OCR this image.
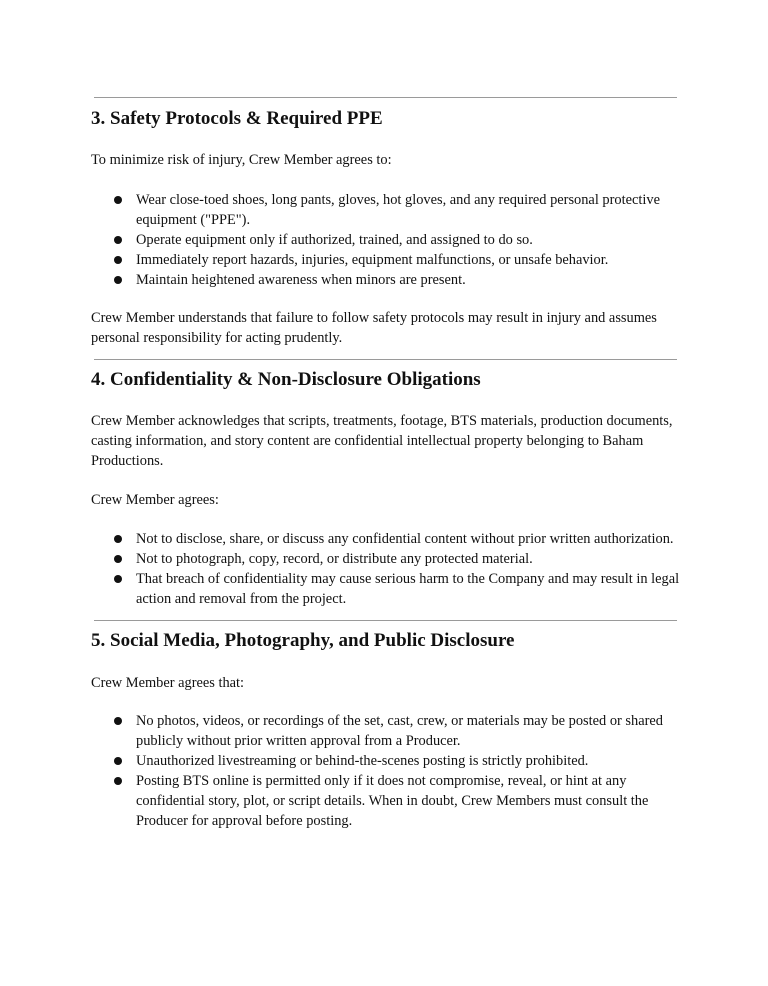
3. Safety Protocols & Required PPE

To minimize risk of injury, Crew Member agrees to:

Wear close-toed shoes, long pants, gloves, hot gloves, and any required personal protective equipment ("PPE").
Operate equipment only if authorized, trained, and assigned to do so.
Immediately report hazards, injuries, equipment malfunctions, or unsafe behavior.
Maintain heightened awareness when minors are present.

Crew Member understands that failure to follow safety protocols may result in injury and assumes personal responsibility for acting prudently.

4. Confidentiality & Non-Disclosure Obligations

Crew Member acknowledges that scripts, treatments, footage, BTS materials, production documents, casting information, and story content are confidential intellectual property belonging to Baham Productions.

Crew Member agrees:

Not to disclose, share, or discuss any confidential content without prior written authorization.
Not to photograph, copy, record, or distribute any protected material.
That breach of confidentiality may cause serious harm to the Company and may result in legal action and removal from the project.
5. Social Media, Photography, and Public Disclosure

Crew Member agrees that:

No photos, videos, or recordings of the set, cast, crew, or materials may be posted or shared publicly without prior written approval from a Producer.
Unauthorized livestreaming or behind-the-scenes posting is strictly prohibited.
Posting BTS online is permitted only if it does not compromise, reveal, or hint at any confidential story, plot, or script details. When in doubt, Crew Members must consult the Producer for approval before posting.
